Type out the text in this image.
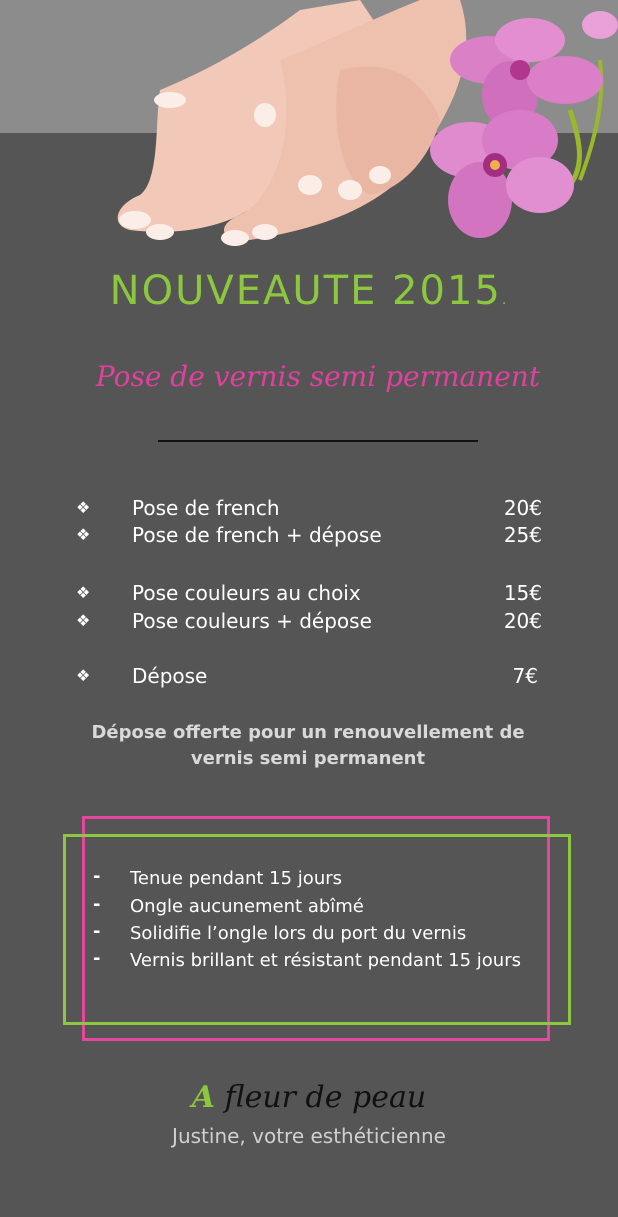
NOUVEAUTE 2015.
Pose de vernis semi permanent
❖ Pose de french	20€
❖ Pose de french + dépose	25€
❖ Pose couleurs au choix	15€
❖ Pose couleurs + dépose	20€
❖ Dépose	7€
Dépose offerte pour un renouvellement de vernis semi permanent
- Tenue pendant 15 jours
- Ongle aucunement abîmé
- Solidifie l’ongle lors du port du vernis
- Vernis brillant et résistant pendant 15 jours
A fleur de peau
Justine, votre esthéticienne
